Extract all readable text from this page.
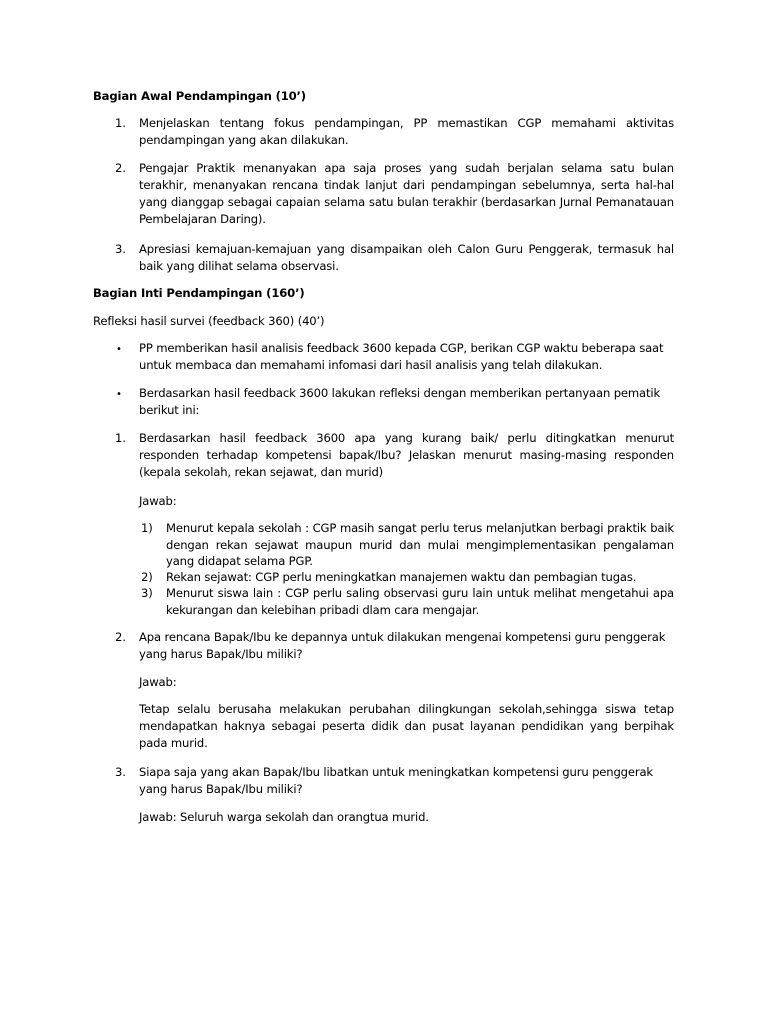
Bagian Awal Pendampingan (10’)
1. Menjelaskan tentang fokus pendampingan, PP memastikan CGP memahami aktivitas pendampingan yang akan dilakukan.
2. Pengajar Praktik menanyakan apa saja proses yang sudah berjalan selama satu bulan terakhir, menanyakan rencana tindak lanjut dari pendampingan sebelumnya, serta hal-hal yang dianggap sebagai capaian selama satu bulan terakhir (berdasarkan Jurnal Pemanatauan Pembelajaran Daring).
3. Apresiasi kemajuan-kemajuan yang disampaikan oleh Calon Guru Penggerak, termasuk hal baik yang dilihat selama observasi.
Bagian Inti Pendampingan (160’)
Refleksi hasil survei (feedback 360) (40’)
• PP memberikan hasil analisis feedback 3600 kepada CGP, berikan CGP waktu beberapa saat untuk membaca dan memahami infomasi dari hasil analisis yang telah dilakukan.
• Berdasarkan hasil feedback 3600 lakukan refleksi dengan memberikan pertanyaan pematik berikut ini:
1. Berdasarkan hasil feedback 3600 apa yang kurang baik/ perlu ditingkatkan menurut responden terhadap kompetensi bapak/Ibu? Jelaskan menurut masing-masing responden (kepala sekolah, rekan sejawat, dan murid)
Jawab:
1) Menurut kepala sekolah : CGP masih sangat perlu terus melanjutkan berbagi praktik baik dengan rekan sejawat maupun murid dan mulai mengimplementasikan pengalaman yang didapat selama PGP.
2) Rekan sejawat: CGP perlu meningkatkan manajemen waktu dan pembagian tugas.
3) Menurut siswa lain : CGP perlu saling observasi guru lain untuk melihat mengetahui apa kekurangan dan kelebihan pribadi dlam cara mengajar.
2. Apa rencana Bapak/Ibu ke depannya untuk dilakukan mengenai kompetensi guru penggerak yang harus Bapak/Ibu miliki?
Jawab:
Tetap selalu berusaha melakukan perubahan dilingkungan sekolah,sehingga siswa tetap mendapatkan haknya sebagai peserta didik dan pusat layanan pendidikan yang berpihak pada murid.
3. Siapa saja yang akan Bapak/Ibu libatkan untuk meningkatkan kompetensi guru penggerak yang harus Bapak/Ibu miliki?
Jawab: Seluruh warga sekolah dan orangtua murid.
